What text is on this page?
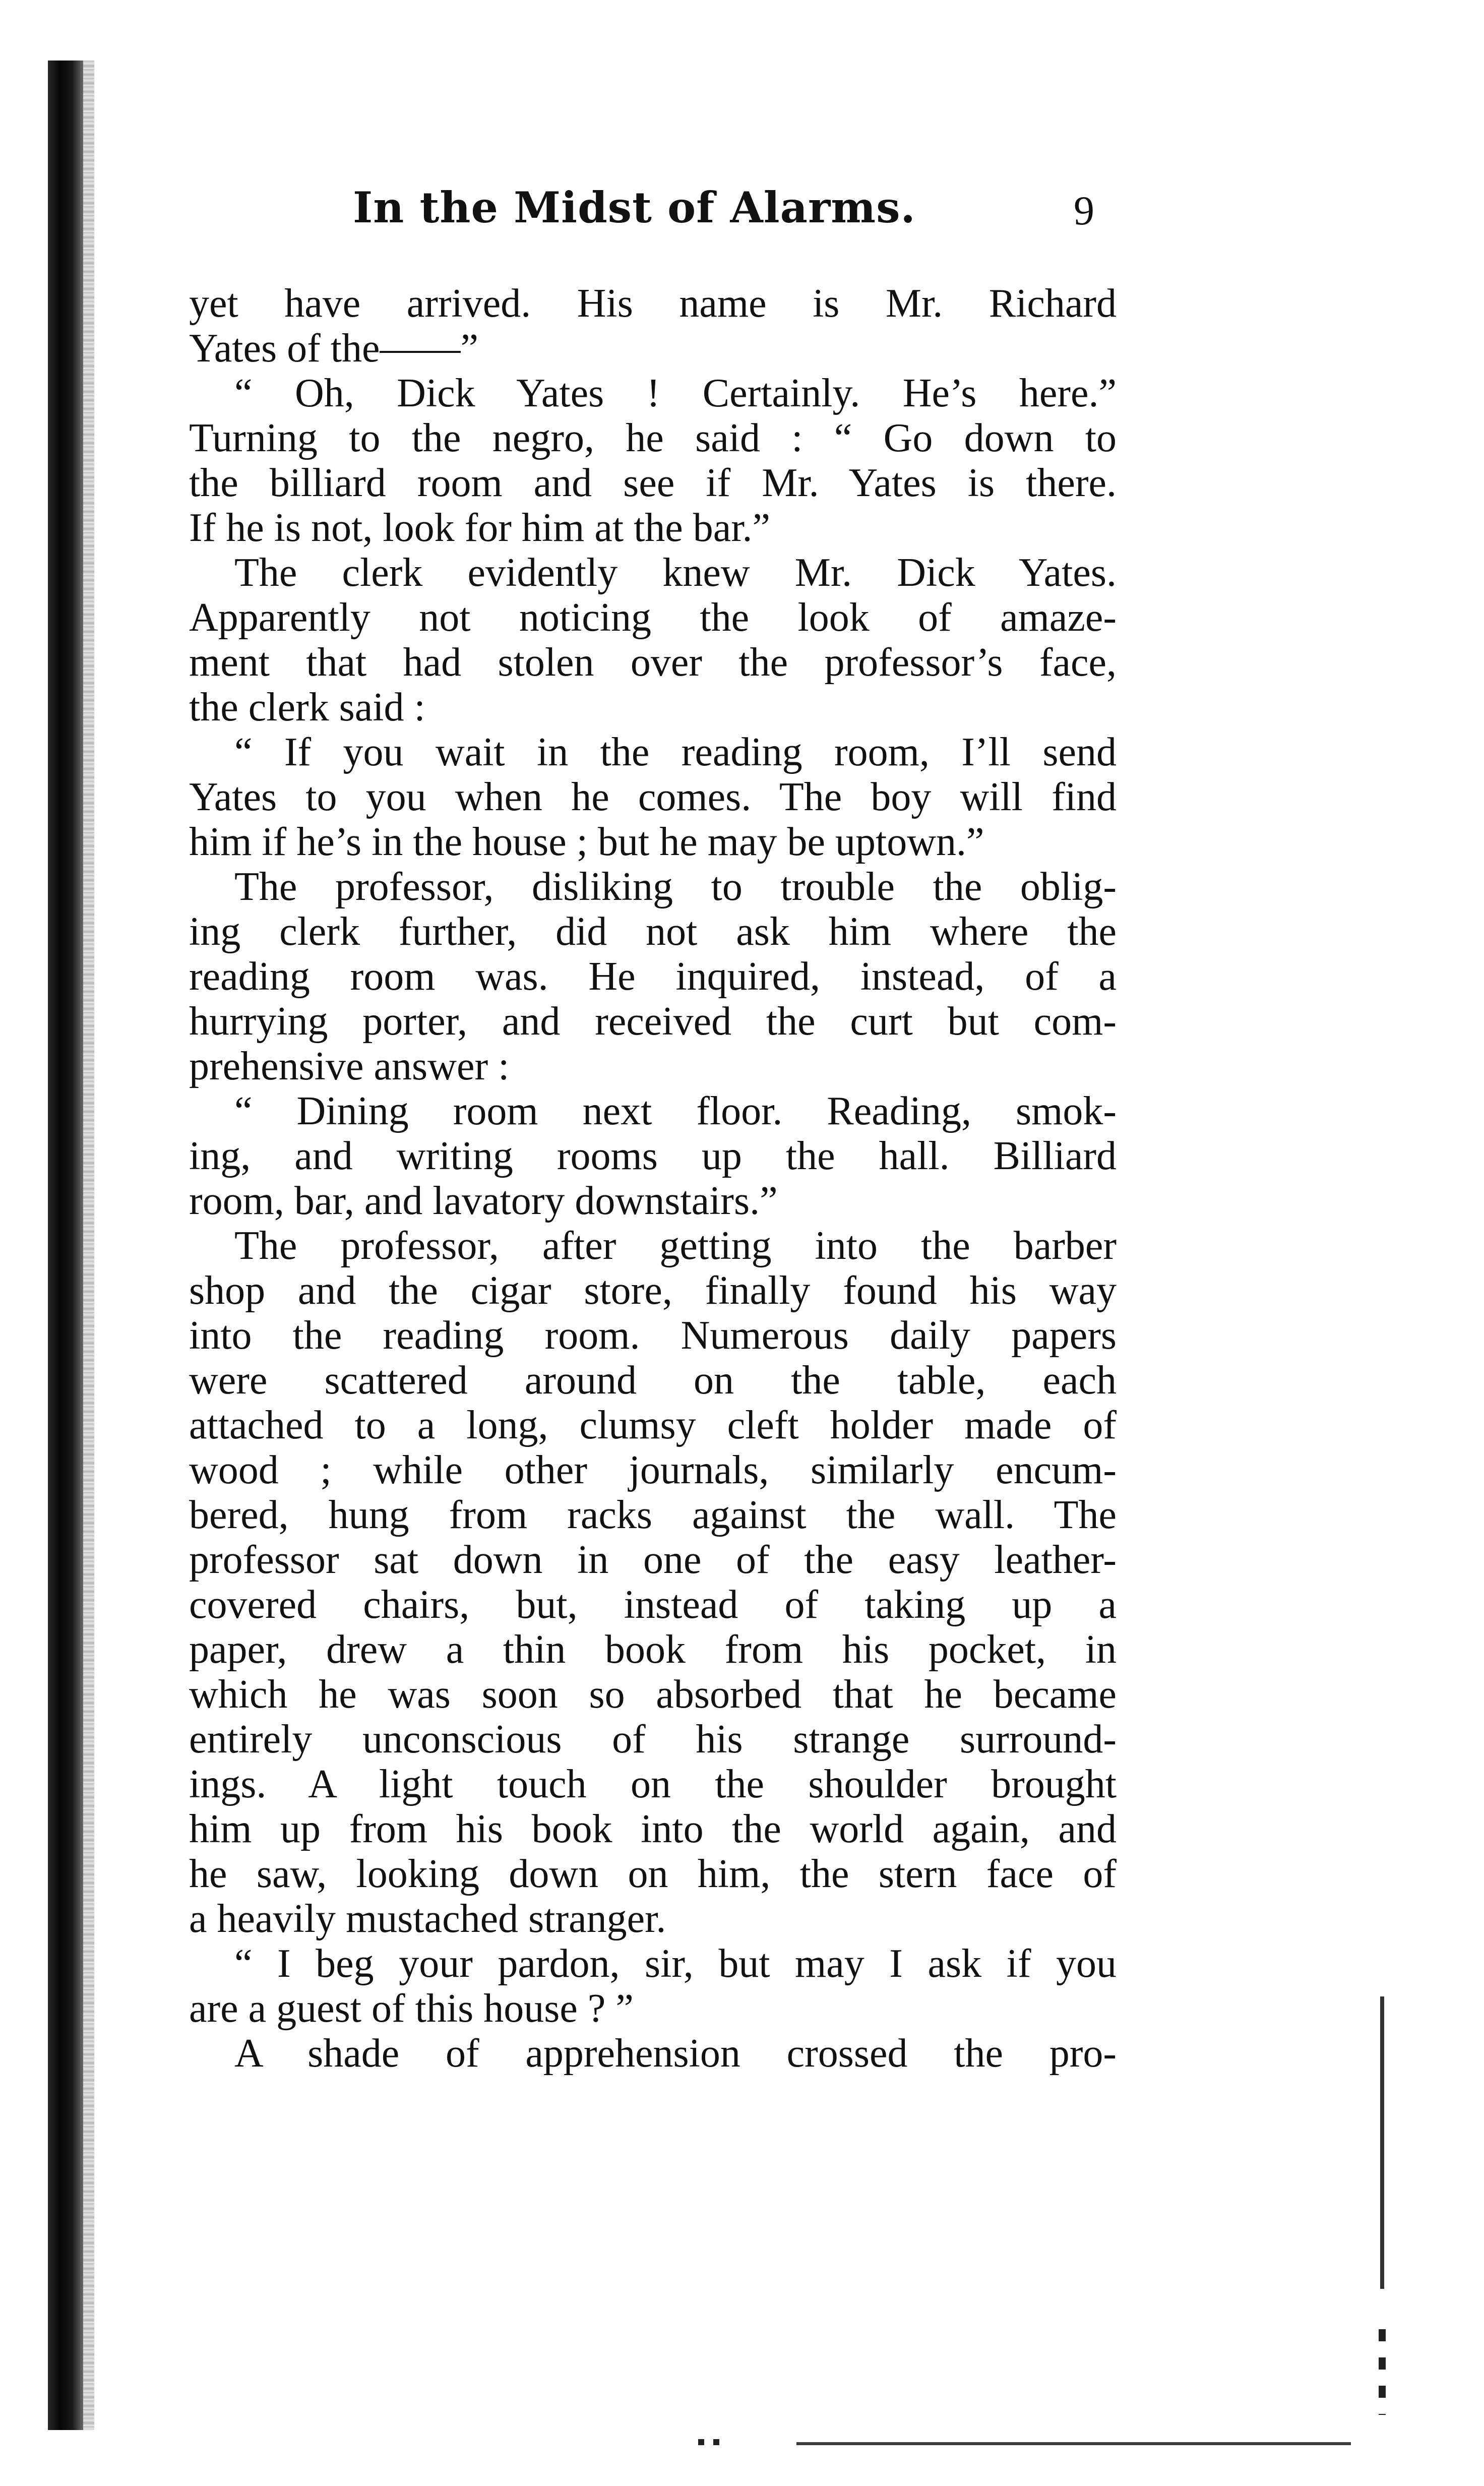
In the Midst of Alarms.	9
yet have arrived. His name is Mr. Richard
Yates of the——”
“ Oh, Dick Yates ! Certainly. He’s here.”
Turning to the negro, he said : “ Go down to
the billiard room and see if Mr. Yates is there.
If he is not, look for him at the bar.”
The clerk evidently knew Mr. Dick Yates.
Apparently not noticing the look of amaze-
ment that had stolen over the professor’s face,
the clerk said :
“ If you wait in the reading room, I’ll send
Yates to you when he comes. The boy will find
him if he’s in the house ; but he may be uptown.”
The professor, disliking to trouble the oblig-
ing clerk further, did not ask him where the
reading room was. He inquired, instead, of a
hurrying porter, and received the curt but com-
prehensive answer :
“ Dining room next floor. Reading, smok-
ing, and writing rooms up the hall. Billiard
room, bar, and lavatory downstairs.”
The professor, after getting into the barber
shop and the cigar store, finally found his way
into the reading room. Numerous daily papers
were scattered around on the table, each
attached to a long, clumsy cleft holder made of
wood ; while other journals, similarly encum-
bered, hung from racks against the wall. The
professor sat down in one of the easy leather-
covered chairs, but, instead of taking up a
paper, drew a thin book from his pocket, in
which he was soon so absorbed that he became
entirely unconscious of his strange surround-
ings. A light touch on the shoulder brought
him up from his book into the world again, and
he saw, looking down on him, the stern face of
a heavily mustached stranger.
“ I beg your pardon, sir, but may I ask if you
are a guest of this house ? ”
A shade of apprehension crossed the pro-
